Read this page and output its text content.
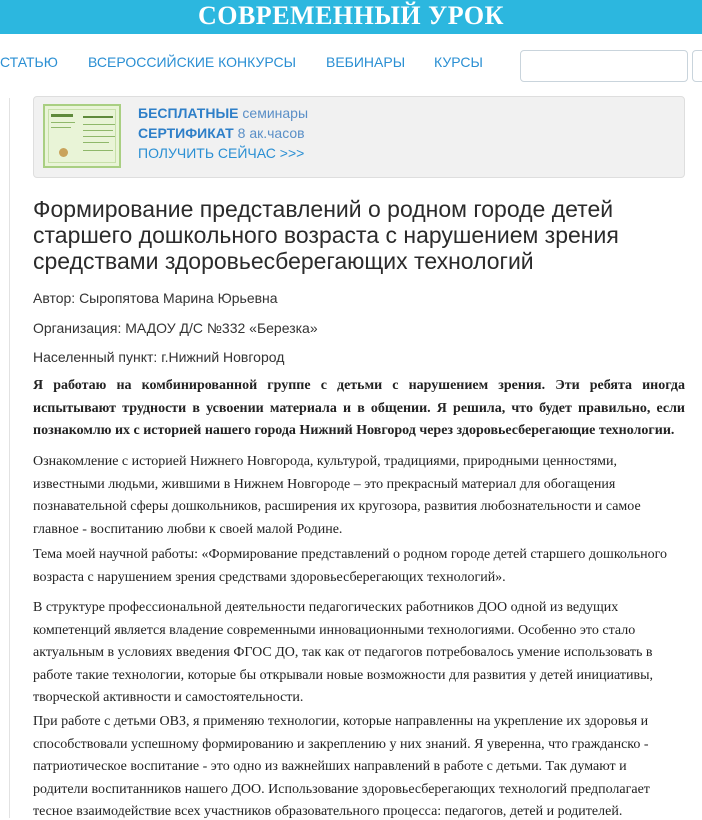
СОВРЕМЕННЫЙ УРОК
СТАТЬЮ ВСЕРОССИЙСКИЕ КОНКУРСЫ ВЕБИНАРЫ КУРСЫ
БЕСПЛАТНЫЕ семинары
СЕРТИФИКАТ 8 ак.часов
ПОЛУЧИТЬ СЕЙЧАС >>>
Формирование представлений о родном городе детей старшего дошкольного возраста с нарушением зрения средствами здоровьесберегающих технологий
Автор: Сыропятова Марина Юрьевна
Организация: МАДОУ Д/С №332 «Березка»
Населенный пункт: г.Нижний Новгород

Я работаю на комбинированной группе с детьми с нарушением зрения. Эти ребята иногда испытывают трудности в усвоении материала и в общении. Я решила, что будет правильно, если познакомлю их с историей нашего города Нижний Новгород через здоровьесберегающие технологии.

Ознакомление с историей Нижнего Новгорода, культурой, традициями, природными ценностями, известными людьми, жившими в Нижнем Новгороде – это прекрасный материал для обогащения познавательной сферы дошкольников, расширения их кругозора, развития любознательности и самое главное - воспитанию любви к своей малой Родине.

Тема моей научной работы: «Формирование представлений о родном городе детей старшего дошкольного возраста с нарушением зрения средствами здоровьесберегающих технологий».

В структуре профессиональной деятельности педагогических работников ДОО одной из ведущих компетенций является владение современными инновационными технологиями. Особенно это стало актуальным в условиях введения ФГОС ДО, так как от педагогов потребовалось умение использовать в работе такие технологии, которые бы открывали новые возможности для развития у детей инициативы, творческой активности и самостоятельности.

При работе с детьми ОВЗ, я применяю технологии, которые направленны на укрепление их здоровья и способствовали успешному формированию и закреплению у них знаний. Я уверенна, что гражданско - патриотическое воспитание - это одно из важнейших направлений в работе с детьми. Так думают и родители воспитанников нашего ДОО. Использование здоровьесберегающих технологий предполагает тесное взаимодействие всех участников образовательного процесса: педагогов, детей и родителей.
